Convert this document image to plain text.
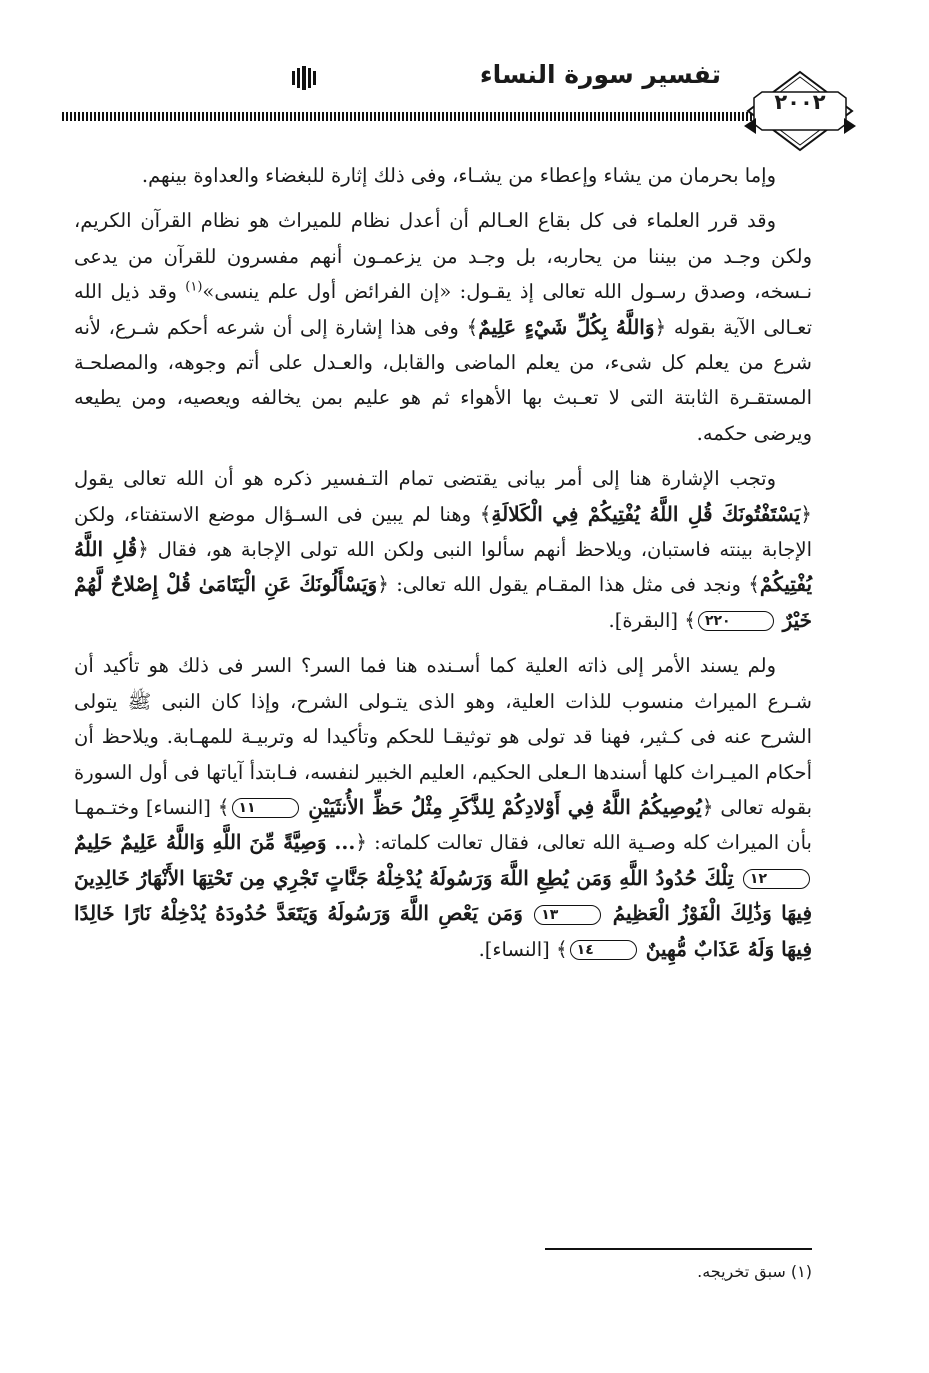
تفسير سورة النساء
٢٠٠٢

وإما بحرمان من يشاء وإعطاء من يشـاء، وفى ذلك إثارة للبغضاء والعداوة بينهم.

وقد قرر العلماء فى كل بقاع العـالم أن أعدل نظام للميراث هو نظام القرآن الكريم، ولكن وجـد من بيننا من يحاربه، بل وجـد من يزعمـون أنهم مفسرون للقرآن من يدعى نـسخه، وصدق رسـول الله تعالى إذ يقـول: «إن الفرائض أول علم ينسى»$^{(١)}$ وقد ذيل الله تعـالى الآية بقوله ﴿وَاللَّهُ بِكُلِّ شَيْءٍ عَلِيمٌ﴾ وفى هذا إشارة إلى أن شرعه أحكم شـرع، لأنه شرع من يعلم كل شىء، من يعلم الماضى والقابل، والعـدل على أتم وجوهه، والمصلحـة المستقـرة الثابتة التى لا تعـبث بها الأهواء ثم هو عليم بمن يخالفه ويعصيه، ومن يطيعه ويرضى حكمه.

وتجب الإشارة هنا إلى أمر بيانى يقتضى تمام التـفسير ذكره هو أن الله تعالى يقول ﴿يَسْتَفْتُونَكَ قُلِ اللَّهُ يُفْتِيكُمْ فِي الْكَلالَةِ﴾ وهنا لم يبين فى السـؤال موضع الاستفتاء، ولكن الإجابة بينته فاستبان، ويلاحظ أنهم سألوا النبى ولكن الله تولى الإجابة هو، فقال ﴿قُلِ اللَّهُ يُفْتِيكُمْ﴾ ونجد فى مثل هذا المقـام يقول الله تعالى: ﴿وَيَسْأَلُونَكَ عَنِ الْيَتَامَىٰ قُلْ إِصْلاحٌ لَّهُمْ خَيْرٌ ٢٢٠﴾ [البقرة].

ولم يسند الأمر إلى ذاته العلية كما أسـنده هنا فما السر؟ السر فى ذلك هو تأكيد أن شـرع الميراث منسوب للذات العلية، وهو الذى يتـولى الشرح، وإذا كان النبى ﷺ يتولى الشرح عنه فى كـثير، فهنا قد تولى هو توثيقـا للحكم وتأكيدا له وتربيـة للمهـابة. ويلاحظ أن أحكام الميـراث كلها أسندها الـعلى الحكيم، العليم الخبير لنفسه، فـابتدأ آياتها فى أول السورة بقوله تعالى ﴿يُوصِيكُمُ اللَّهُ فِي أَوْلادِكُمْ لِلذَّكَرِ مِثْلُ حَظِّ الأُنثَيَيْنِ ١١﴾ [النساء] وختـمهـا بأن الميراث كله وصـية الله تعالى، فقال تعالت كلماته: ﴿... وَصِيَّةً مِّنَ اللَّهِ وَاللَّهُ عَلِيمٌ حَلِيمٌ ١٢ تِلْكَ حُدُودُ اللَّهِ وَمَن يُطِعِ اللَّهَ وَرَسُولَهُ يُدْخِلْهُ جَنَّاتٍ تَجْرِي مِن تَحْتِهَا الأَنْهَارُ خَالِدِينَ فِيهَا وَذَٰلِكَ الْفَوْزُ الْعَظِيمُ ١٣ وَمَن يَعْصِ اللَّهَ وَرَسُولَهُ وَيَتَعَدَّ حُدُودَهُ يُدْخِلْهُ نَارًا خَالِدًا فِيهَا وَلَهُ عَذَابٌ مُّهِينٌ ١٤﴾ [النساء].

(١) سبق تخريجه.
